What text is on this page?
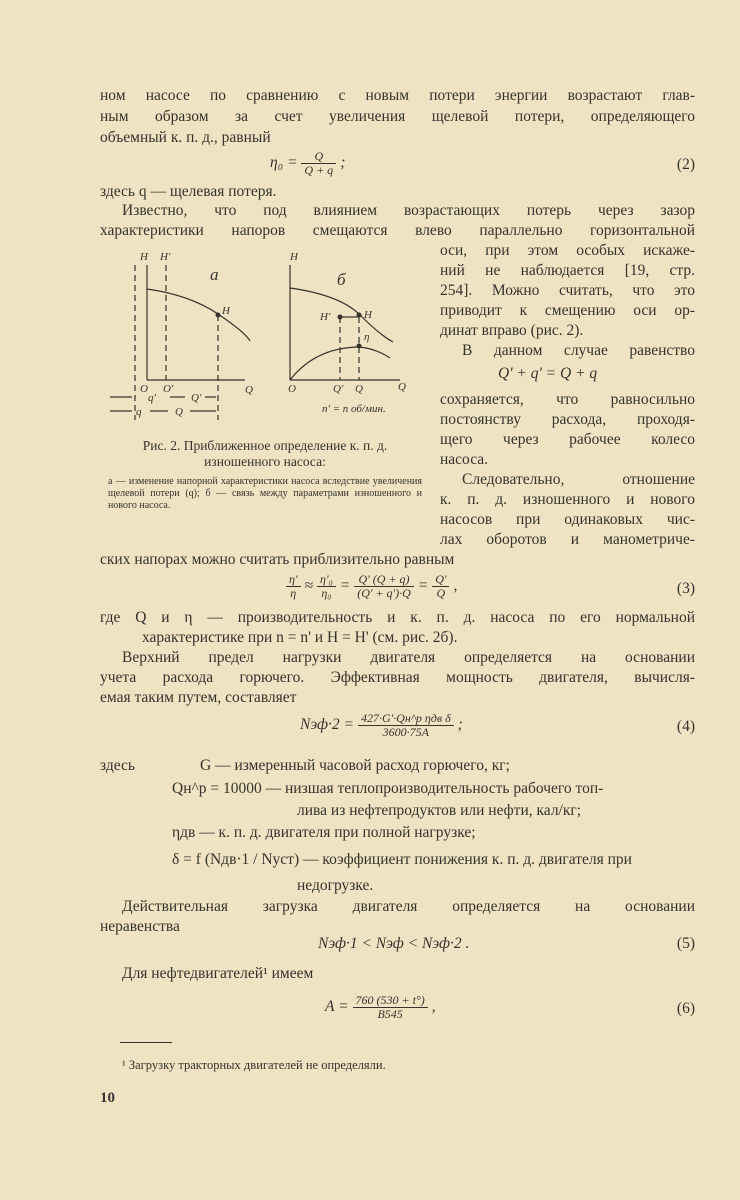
ном насосе по сравнению с новым потери энергии возрастают глав-
ным образом за счет увеличения щелевой потери, определяющего
объемный к. п. д., равный
$\eta_0 = \frac{Q}{Q + q}$ ;	(2)
здесь q — щелевая потеря.
Известно, что под влиянием возрастающих потерь через зазор
характеристики напоров смещаются влево параллельно горизонтальной
оси, при этом особых искаже-
ний не наблюдается [19, стр.
254]. Можно считать, что это
приводит к смещению оси ор-
динат вправо (рис. 2).
В данном случае равенство
Q' + q' = Q + q
сохраняется, что равносильно
постоянству расхода, проходя-
щего через рабочее колесо
насоса.
Следовательно, отношение
к. п. д. изношенного и нового
насосов при одинаковых чис-
лах оборотов и манометриче-
ских напорах можно считать приблизительно равным
$\frac{\eta'}{\eta} \approx \frac{\text{η'₀}}{\text{η₀}} = \frac{Q' (Q + q)}{(Q' + q')\cdot Q} = \frac{Q'}{Q}$ ,	(3)
где Q и η — производительность и к. п. д. насоса по его нормальной
характеристике при n = n' и H = H' (см. рис. 2б).
Верхний предел нагрузки двигателя определяется на основании
учета расхода горючего. Эффективная мощность двигателя, вычисля-
емая таким путем, составляет
$Nэф\cdot 2 = \frac{\text{427·G'·Qн\textasciicircum{}р ηдв δ}}{3600\cdot 75A}$ ;	(4)
здесь	G — измеренный часовой расход горючего, кг;
Qн^р = 10000 — низшая теплопроизводительность рабочего топ-
лива из нефтепродуктов или нефти, кал/кг;
ηдв — к. п. д. двигателя при полной нагрузке;
δ = f (Nдв·1 / Nуст) — коэффициент понижения к. п. д. двигателя при
недогрузке.
Действительная загрузка двигателя определяется на основании
неравенства
Nэф·1 < Nэф < Nэф·2 .	(5)
Для нефтедвигателей¹ имеем
$A = \frac{760 (530 + t^\circ)}{B545}$ ,	(6)
¹ Загрузку тракторных двигателей не определяли.
10
H H'
а
H
O O'	Q
q'	Q'
q	Q
H
б
H'	H
η
O	Q' Q	Q
n' = n об/мин.
Рис. 2. Приближенное определение к. п. д. изношенного насоса:
а — изменение напорной характеристики насоса вследствие увеличения щелевой потери (q); б — связь между параметрами изношенного и нового насоса.
